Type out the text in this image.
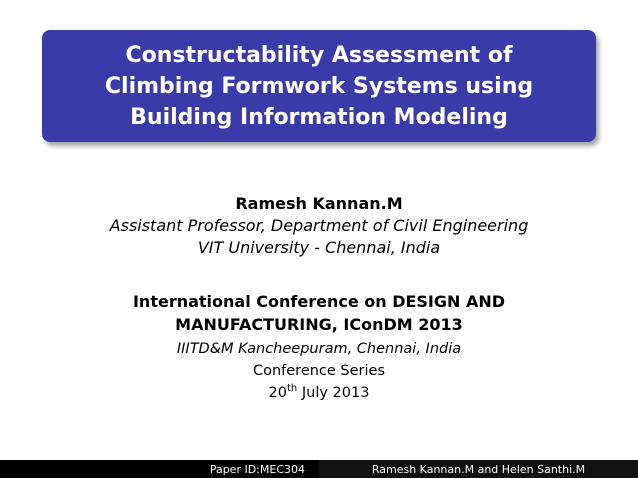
Constructability Assessment of
Climbing Formwork Systems using
Building Information Modeling
Ramesh Kannan.M
Assistant Professor, Department of Civil Engineering
VIT University - Chennai, India
International Conference on DESIGN AND
MANUFACTURING, IConDM 2013
IIITD&M Kancheepuram, Chennai, India
Conference Series
20th July 2013
Paper ID:MEC304	Ramesh Kannan.M and Helen Santhi.M
